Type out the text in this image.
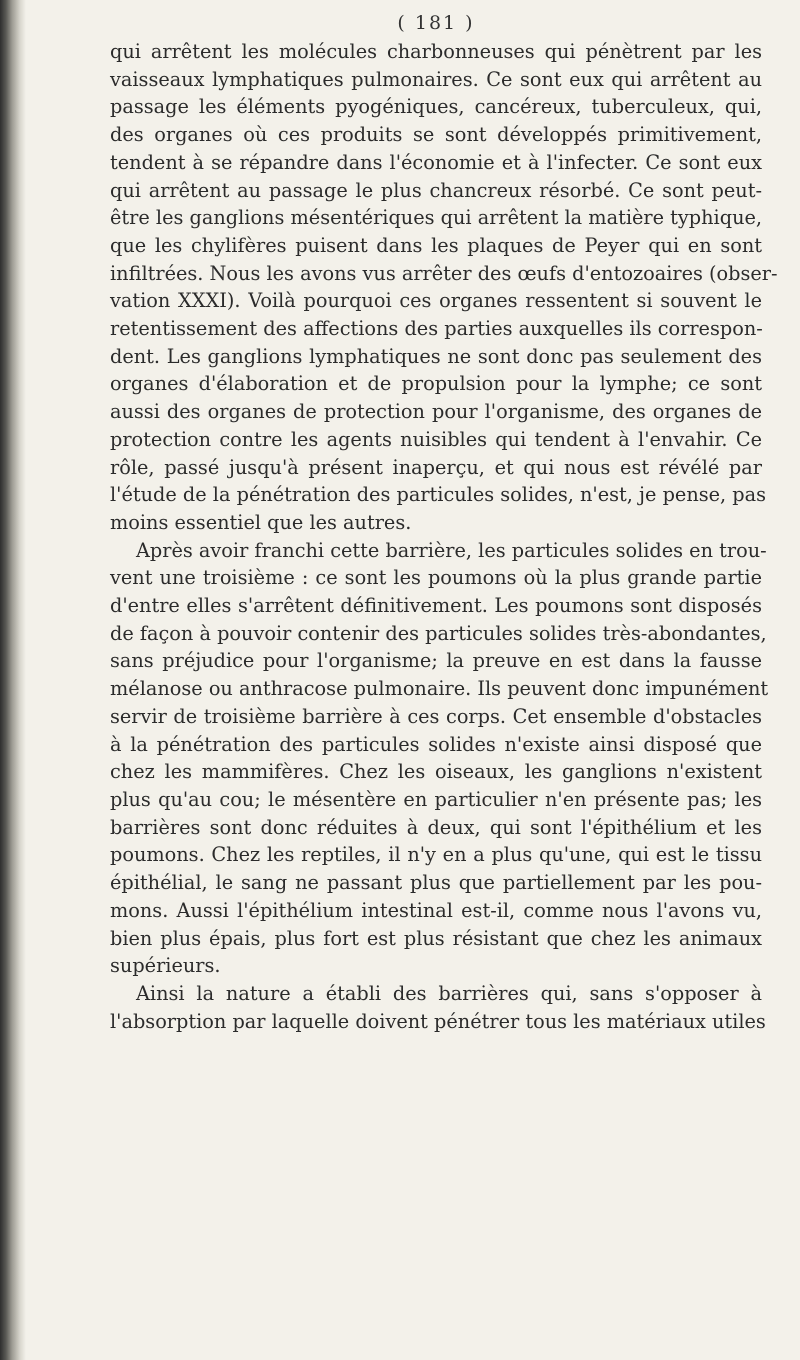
( 181 )

qui arrêtent les molécules charbonneuses qui pénètrent par les
vaisseaux lymphatiques pulmonaires. Ce sont eux qui arrêtent au
passage les éléments pyogéniques, cancéreux, tuberculeux, qui,
des organes où ces produits se sont développés primitivement,
tendent à se répandre dans l'économie et à l'infecter. Ce sont eux
qui arrêtent au passage le plus chancreux résorbé. Ce sont peut-
être les ganglions mésentériques qui arrêtent la matière typhique,
que les chylifères puisent dans les plaques de Peyer qui en sont
infiltrées. Nous les avons vus arrêter des œufs d'entozoaires (obser-
vation XXXI). Voilà pourquoi ces organes ressentent si souvent le
retentissement des affections des parties auxquelles ils correspon-
dent. Les ganglions lymphatiques ne sont donc pas seulement des
organes d'élaboration et de propulsion pour la lymphe; ce sont
aussi des organes de protection pour l'organisme, des organes de
protection contre les agents nuisibles qui tendent à l'envahir. Ce
rôle, passé jusqu'à présent inaperçu, et qui nous est révélé par
l'étude de la pénétration des particules solides, n'est, je pense, pas
moins essentiel que les autres.

Après avoir franchi cette barrière, les particules solides en trou-
vent une troisième : ce sont les poumons où la plus grande partie
d'entre elles s'arrêtent définitivement. Les poumons sont disposés
de façon à pouvoir contenir des particules solides très-abondantes,
sans préjudice pour l'organisme; la preuve en est dans la fausse
mélanose ou anthracose pulmonaire. Ils peuvent donc impunément
servir de troisième barrière à ces corps. Cet ensemble d'obstacles
à la pénétration des particules solides n'existe ainsi disposé que
chez les mammifères. Chez les oiseaux, les ganglions n'existent
plus qu'au cou; le mésentère en particulier n'en présente pas; les
barrières sont donc réduites à deux, qui sont l'épithélium et les
poumons. Chez les reptiles, il n'y en a plus qu'une, qui est le tissu
épithélial, le sang ne passant plus que partiellement par les pou-
mons. Aussi l'épithélium intestinal est-il, comme nous l'avons vu,
bien plus épais, plus fort est plus résistant que chez les animaux
supérieurs.

Ainsi la nature a établi des barrières qui, sans s'opposer à
l'absorption par laquelle doivent pénétrer tous les matériaux utiles
